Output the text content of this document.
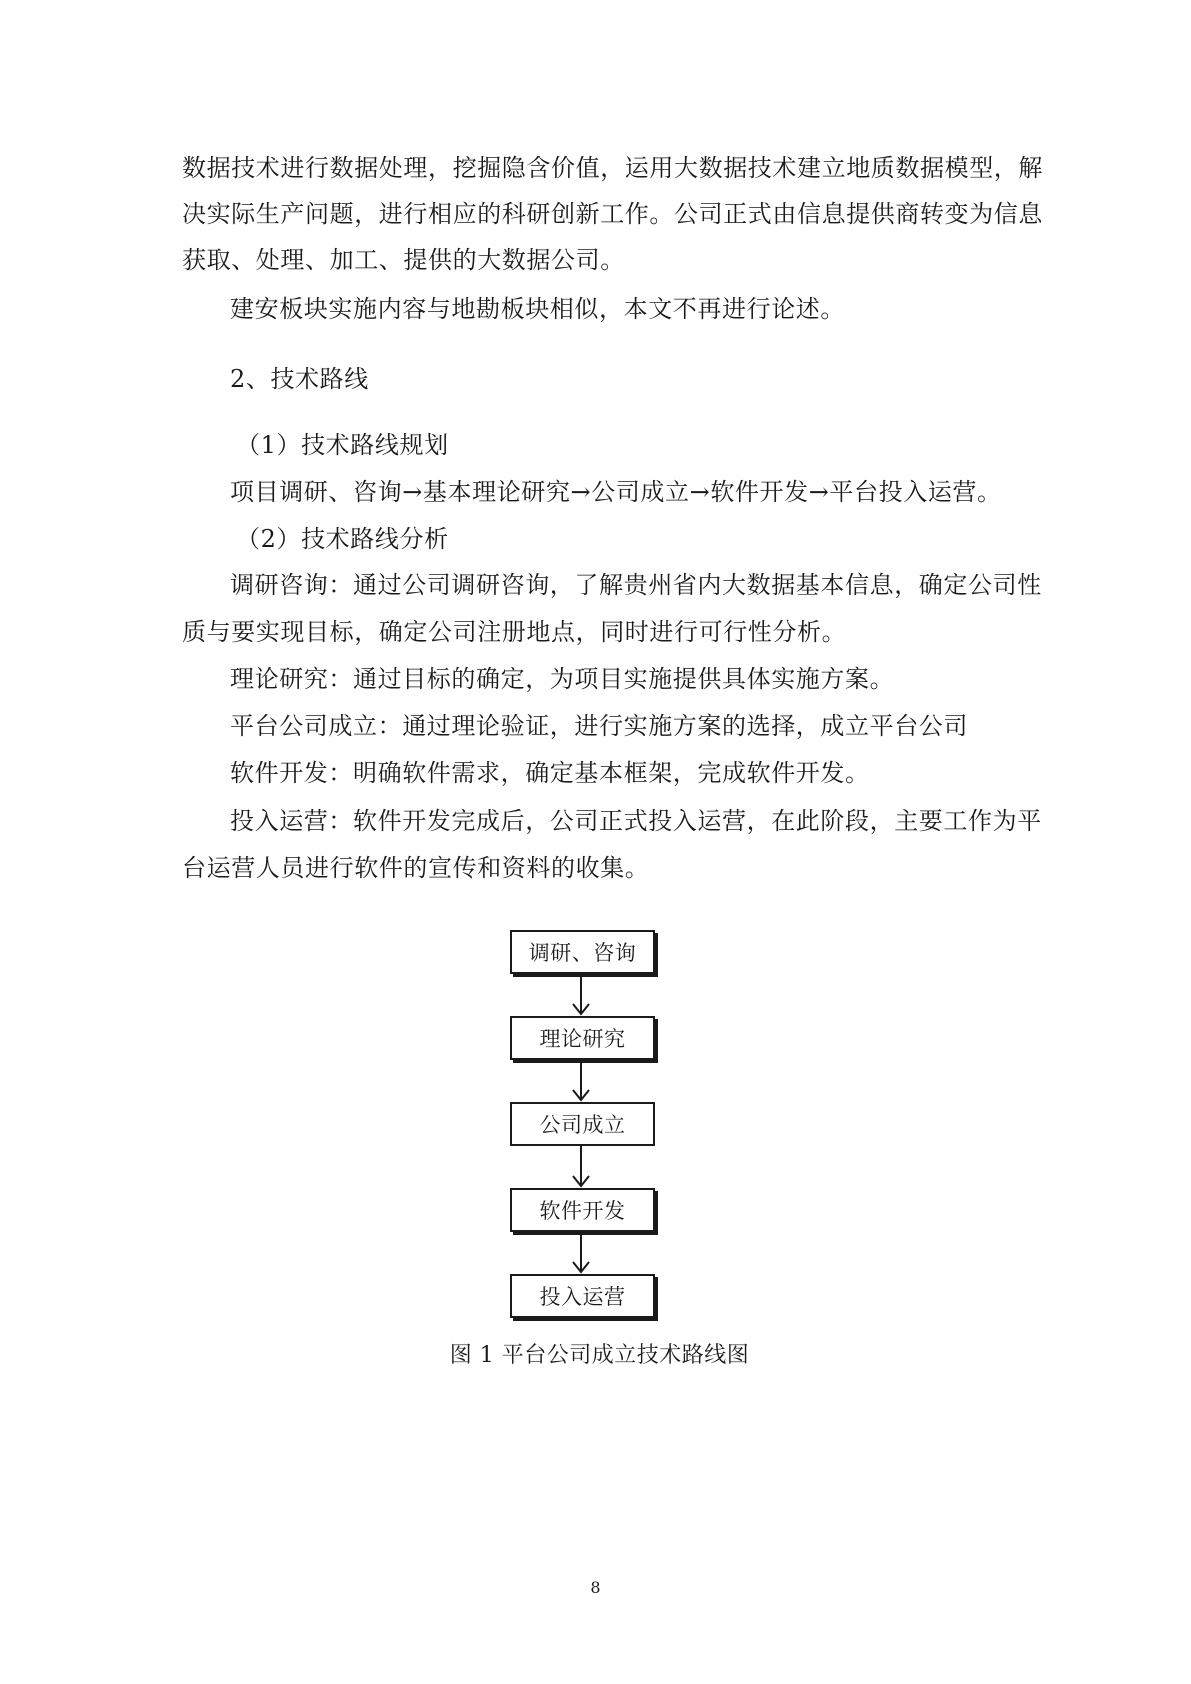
数据技术进行数据处理，挖掘隐含价值，运用大数据技术建立地质数据模型，解
决实际生产问题，进行相应的科研创新工作。公司正式由信息提供商转变为信息
获取、处理、加工、提供的大数据公司。
建安板块实施内容与地勘板块相似，本文不再进行论述。
2、技术路线
（1）技术路线规划
项目调研、咨询→基本理论研究→公司成立→软件开发→平台投入运营。
（2）技术路线分析
调研咨询：通过公司调研咨询，了解贵州省内大数据基本信息，确定公司性
质与要实现目标，确定公司注册地点，同时进行可行性分析。
理论研究：通过目标的确定，为项目实施提供具体实施方案。
平台公司成立：通过理论验证，进行实施方案的选择，成立平台公司
软件开发：明确软件需求，确定基本框架，完成软件开发。
投入运营：软件开发完成后，公司正式投入运营，在此阶段，主要工作为平
台运营人员进行软件的宣传和资料的收集。
调研、咨询
理论研究
公司成立
软件开发
投入运营
图 1 平台公司成立技术路线图
8
